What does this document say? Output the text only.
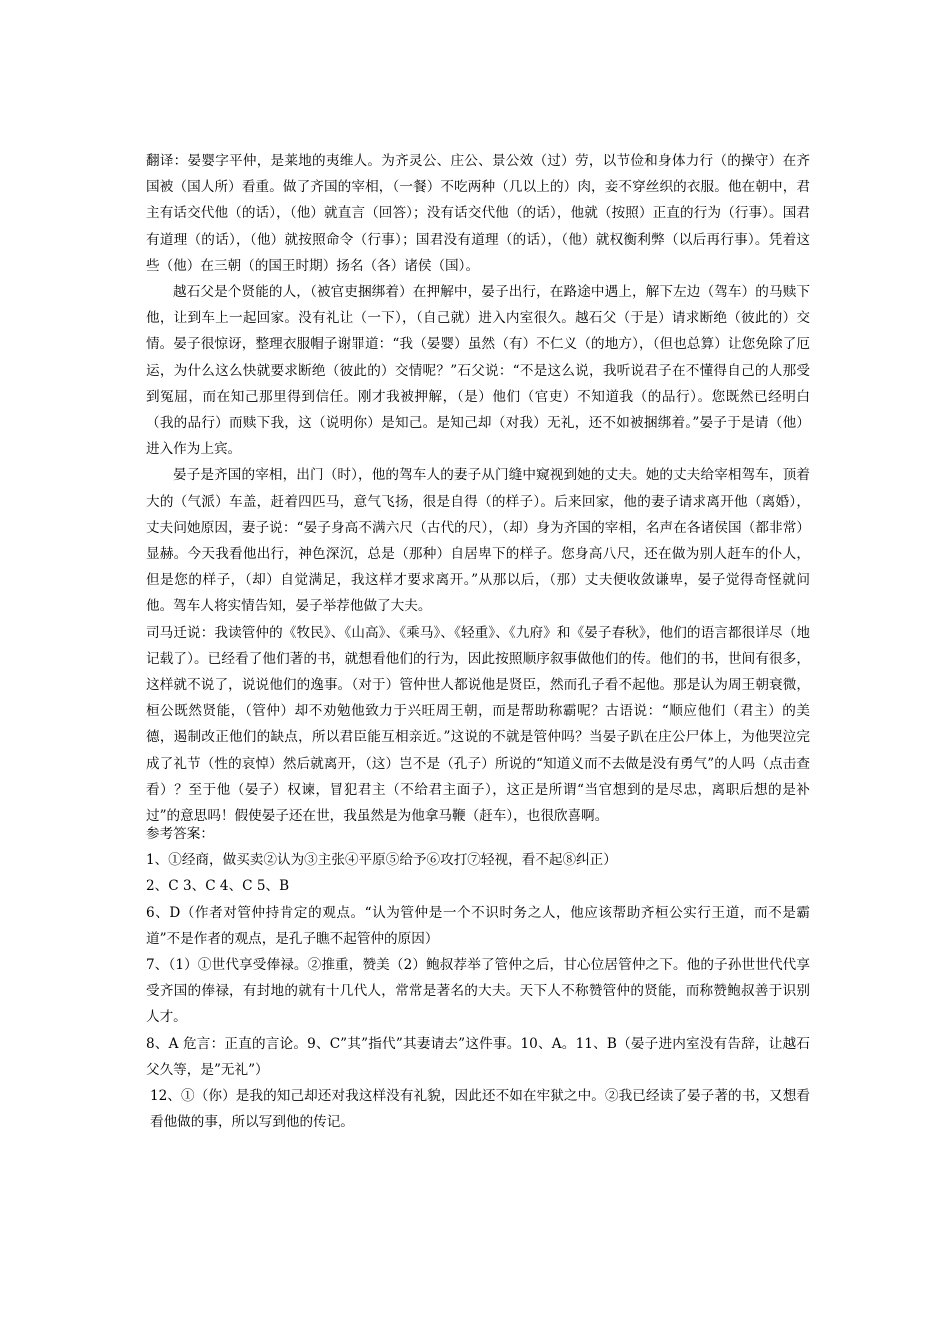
翻译：晏婴字平仲，是莱地的夷维人。为齐灵公、庄公、景公效（过）劳，以节俭和身体力行（的操守）在齐国被（国人所）看重。做了齐国的宰相，（一餐）不吃两种（几以上的）肉，妾不穿丝织的衣服。他在朝中，君主有话交代他（的话），（他）就直言（回答）；没有话交代他（的话），他就（按照）正直的行为（行事）。国君有道理（的话），（他）就按照命令（行事）；国君没有道理（的话），（他）就权衡利弊（以后再行事）。凭着这些（他）在三朝（的国王时期）扬名（各）诸侯（国）。

越石父是个贤能的人，（被官吏捆绑着）在押解中，晏子出行，在路途中遇上，解下左边（驾车）的马赎下他，让到车上一起回家。没有礼让（一下），（自己就）进入内室很久。越石父（于是）请求断绝（彼此的）交情。晏子很惊讶，整理衣服帽子谢罪道：“我（晏婴）虽然（有）不仁义（的地方），（但也总算）让您免除了厄运，为什么这么快就要求断绝（彼此的）交情呢？”石父说：“不是这么说，我听说君子在不懂得自己的人那受到冤屈，而在知己那里得到信任。刚才我被押解，（是）他们（官吏）不知道我（的品行）。您既然已经明白（我的品行）而赎下我，这（说明你）是知己。是知己却（对我）无礼，还不如被捆绑着。”晏子于是请（他）进入作为上宾。

晏子是齐国的宰相，出门（时），他的驾车人的妻子从门缝中窥视到她的丈夫。她的丈夫给宰相驾车，顶着大的（气派）车盖，赶着四匹马，意气飞扬，很是自得（的样子）。后来回家，他的妻子请求离开他（离婚），丈夫问她原因，妻子说：“晏子身高不满六尺（古代的尺），（却）身为齐国的宰相，名声在各诸侯国（都非常）显赫。今天我看他出行，神色深沉，总是（那种）自居卑下的样子。您身高八尺，还在做为别人赶车的仆人，但是您的样子，（却）自觉满足，我这样才要求离开。”从那以后，（那）丈夫便收敛谦卑，晏子觉得奇怪就问他。驾车人将实情告知，晏子举荐他做了大夫。

司马迁说：我读管仲的《牧民》、《山高》、《乘马》、《轻重》、《九府》和《晏子春秋》，他们的语言都很详尽（地记载了）。已经看了他们著的书，就想看他们的行为，因此按照顺序叙事做他们的传。他们的书，世间有很多，这样就不说了，说说他们的逸事。（对于）管仲世人都说他是贤臣，然而孔子看不起他。那是认为周王朝衰微，桓公既然贤能，（管仲）却不劝勉他致力于兴旺周王朝，而是帮助称霸呢？古语说：“顺应他们（君主）的美德，遏制改正他们的缺点，所以君臣能互相亲近。”这说的不就是管仲吗？当晏子趴在庄公尸体上，为他哭泣完成了礼节（性的哀悼）然后就离开，（这）岂不是（孔子）所说的“知道义而不去做是没有勇气”的人吗（点击查看）？至于他（晏子）权谏，冒犯君主（不给君主面子），这正是所谓“当官想到的是尽忠，离职后想的是补过”的意思吗！假使晏子还在世，我虽然是为他拿马鞭（赶车），也很欣喜啊。

参考答案：

1、①经商，做买卖②认为③主张④平原⑤给予⑥攻打⑦轻视，看不起⑧纠正）

2、C 3、C 4、C 5、B

6、D（作者对管仲持肯定的观点。“认为管仲是一个不识时务之人，他应该帮助齐桓公实行王道，而不是霸道”不是作者的观点，是孔子瞧不起管仲的原因）

7、（1）①世代享受俸禄。②推重，赞美（2）鲍叔荐举了管仲之后，甘心位居管仲之下。他的子孙世世代代享受齐国的俸禄，有封地的就有十几代人，常常是著名的大夫。天下人不称赞管仲的贤能，而称赞鲍叔善于识别人才。

8、A 危言：正直的言论。9、C”其”指代”其妻请去”这件事。10、A。11、B（晏子进内室没有告辞，让越石父久等，是”无礼”）

12、①（你）是我的知己却还对我这样没有礼貌，因此还不如在牢狱之中。②我已经读了晏子著的书，又想看看他做的事，所以写到他的传记。
